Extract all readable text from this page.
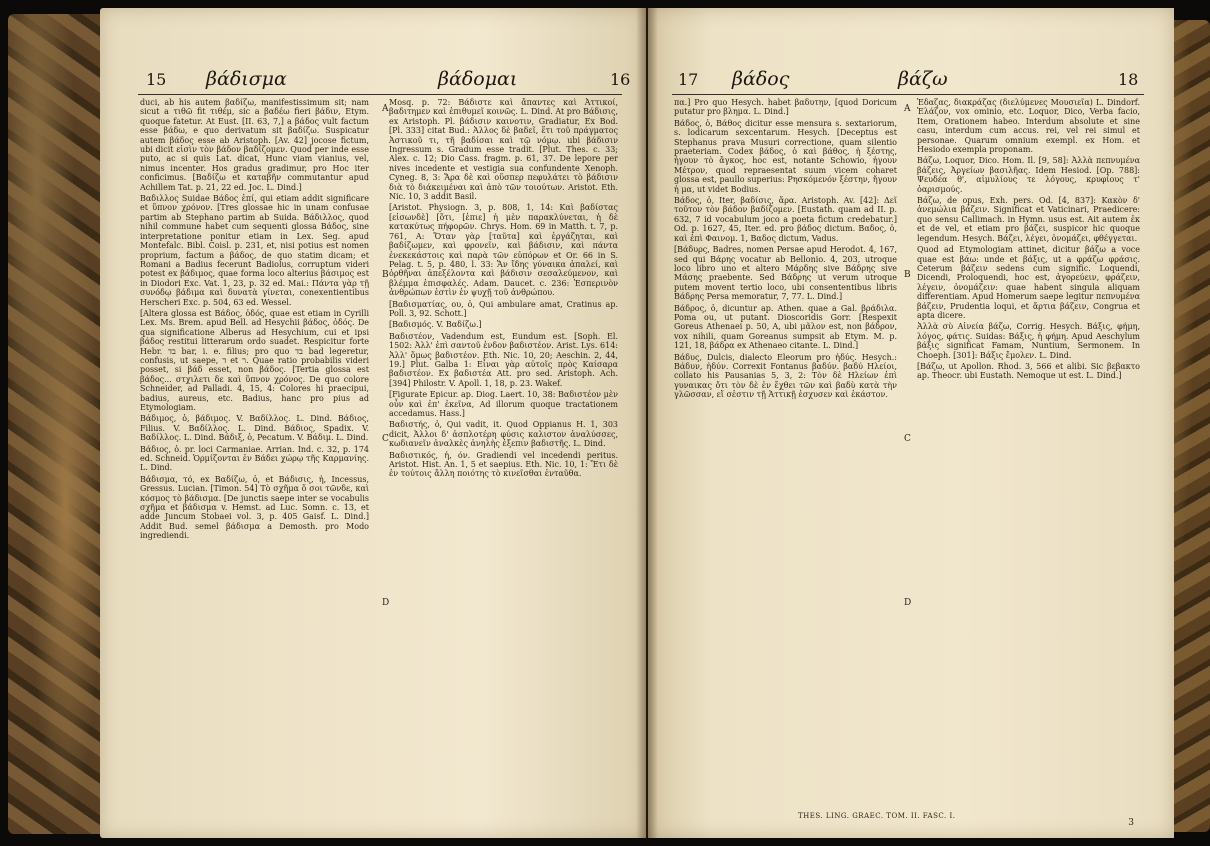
15 βάδισμα	βάδομαι	16

duci, ab his autem βαδίζω, manifestissimum sit; nam sicut a τιθῶ fit τιθέμ, sic a βαδέω fieri βάδιν, Etym. quoque fatetur. At Eust. [II. 63, 7,] a βάδος vult factum esse βάδω, e quo derivatum sit βαδίζω. Suspicatur autem βάδος esse ab Aristoph. [Av. 42] jocose fictum, ubi dicit εἰσὶν τὸν βάδον βαδίζομεν. Quod per inde esse puto, ac si quis Lat. dicat, Hunc viam vianius, vel, nimus incenter. Hos gradus gradimur, pro Hoc iter conficimus. [Βαδίζω et καταβῆν commutantur apud Achillem Tat. p. 21, 22 ed. Joc. L. Dind.]

Βαδιλλος Suidae Βάδος ἐπί, qui etiam addit significare et ὕπνον χρόνον. [Tres glossae hic in unam confusae partim ab Stephano partim ab Suida. Βάδιλλος, quod nihil commune habet cum sequenti glossa Βάδος, sine interpretatione ponitur etiam in Lex. Seg. apud Montefalc. Bibl. Coisl. p. 231, et, nisi potius est nomen proprium, factum a βάδος, de quo statim dicam; et Romani a Badius fecerunt Badiolus, corruptum videri potest ex βάδιμος, quae forma loco alterius βάσιμος est in Diodori Exc. Vat. 1, 23, p. 32 ed. Mai.: Πάντα γὰρ τῇ συνόδῳ βάδιμα καὶ δυνατὰ γίνεται, conexentientibus Herscheri Exc. p. 504, 63 ed. Wessel.

[Altera glossa est Βάδος, ὁδός, quae est etiam in Cyrilli Lex. Ms. Brem. apud Bell. ad Hesychii βάδος, ὁδός. De qua significatione Alberus ad Hesychium, cui et ipsi βάδος restitui litterarum ordo suadet. Respicitur forte Hebr. ‏בד‏ bar, i. e. filius; pro quo ‏בד‏ bad legeretur, confusis, ut saepe, ‏ד‏ et ‏ר‏. Quae ratio probabilis videri posset, si βάδ esset, non βάδος. [Tertia glossa est βάδος... στχιλετι δε καὶ ὕπνον χρόνος. De quo colore Schneider, ad Palladi. 4, 15, 4: Colores hi praecipui, badius, aureus, etc. Badius, hanc pro pius ad Etymologiam.

Βάδιμος, ὁ, βάδιμος. V. Βαδίλλος. L. Dind. Βάδιος, Filius. V. Βαδίλλος. L. Dind. Βάδιος, Spadix. V. Βαδίλλος. L. Dind. Βάδιξ, ὁ, Pecatum. V. Βάδιμ. L. Dind.

Βάδιος, ὁ. pr. loci Carmaniae. Arrian. Ind. c. 32, p. 174 ed. Schneid. Ὁρμίζονται ἐν Βάδει χώρῳ τῆς Καρμανίης. L. Dind.

Βάδισμα, τό, ex Βαδίζω, ὁ, et Βάδισις, ἡ, Incessus, Gressus. Lucian. [Timon. 54] Τὸ σχῆμα ὅ σοι τῶνδε, καὶ κόσμος τὸ βάδισμα. [De junctis saepe inter se vocabulis σχῆμα et βάδισμα v. Hemst. ad Luc. Somn. c. 13, et adde Juncum Stobaei vol. 3, p. 405 Gaisf. L. Dind.] Addit Bud. semel βάδισμα a Demosth. pro Modo ingrediendi.

Mosq. p. 72: Βάδιστε καὶ ἄπαντες καὶ Ἀττικοί, βαδιτημεν καὶ ἐπιθυμεῖ κοινῶς. L. Dind. At pro Βάδισις, ex Aristoph. Pl. βάδισιν καινοτιν, Gradiatur, Ex Bod. [Pl. 333] citat Bud.: Ἀλλος δὲ βαδεῖ, ἕτι τοῦ πράγματος Ἀστικοῦ τι, τῆ βαδίσαι καὶ τῷ νόμῳ. ubi βάδισιν Ingressum s. Gradum esse tradit. [Plut. Thes. c. 33; Alex. c. 12; Dio Cass. fragm. p. 61, 37. De lepore per nives incedente et vestigia sua confundente Xenoph. Cyneg. 8, 3: Ἄρα δὲ καὶ οὕσπερ πεφυλάτει τὸ βάδισιν διὰ τὸ διάκειμέναι καὶ ἀπὸ τῶν τοιούτων. Aristot. Eth. Nic. 10, 3 addit Basil.

[Aristot. Physiogn. 3, p. 808, 1, 14: Καὶ βαδίστας [εἰσωνδὲ] [ὅτι, [ἐπιε] ἠ μὲν παρακλύνεται, ἡ δὲ κατακύτως πήφορῶν. Chrys. Hom. 69 in Matth. t. 7, p. 761, A: Ὅταν γὰρ [ταῦτα] καὶ ἐργάζηται, καὶ βαδίζωμεν, καὶ φρονεῖν, καὶ βάδισιν, καὶ πάντα ἐνεκεκάστοις καὶ παρὰ τῶν εὐπόρων et Or. 66 in S. Pelag. t. 5, p. 480, l. 33: Ἄν ἴδης γύναικα ἁπαλεί, καὶ ὀρθῆναι ἀπεξέλοντα καὶ βάδισιν σεσαλεύμενον, καὶ βλέμμα ἐπισφαλές. Adam. Daucet. c. 236: Ἐσπερινὸν ἀνθρώπων ἐστὶν ἐν ψυχῇ τοῦ ἀνθρώπου.

[Βαδισματίας, ου, ὁ, Qui ambulare amat, Cratinus ap. Poll. 3, 92. Schott.]

[Βαδισμός. V. Βαδίζω.]

Βαδιστέον, Vadendum est, Eundum est. [Soph. El. 1502: Ἀλλ' ἐπὶ σαντοῦ ἐνδον βαδιστέον. Arist. Lys. 614: Ἀλλ' ὅμως βαδιστέον. Eth. Nic. 10, 20; Aeschin. 2, 44, 19.] Plut. Galba 1: Εἶναι γὰρ αὐτοῖς πρὸς Καίσαρα βαδιστέον. Ex βαδιστέα Att. pro sed. Aristoph. Ach. [394] Philostr. V. Apoll. 1, 18, p. 23. Wakef.

[Figurate Epicur. ap. Diog. Laert. 10, 38: Βαδιστέον μὲν οὖν καὶ ἐπ' ἐκεῖνα, Ad illorum quoque tractationem accedamus. Hass.]

Βαδιστής, ὁ, Qui vadit, it. Quod Oppianus H. 1, 303 dicit, Ἀλλοι δ' ἀσπλοτέρη φύσις καλιστον ἀναλύσσες, κωδιανεῖν ἀναλκὲς ἀνηλὴς ἐξεπιν βαδιστῆς. L. Dind.

Βαδιστικός, ἡ, όν. Gradiendi vel incedendi peritus. Aristot. Hist. An. 1, 5 et saepius. Eth. Nic. 10, 1: Ἔτι δὲ ἐν τούτοις ἄλλη ποιότης τὸ κινεῖσθαι ἐνταῦθα.

A
B
C
D
17 βάδος	βάζω	18

πα.] Pro quo Hesych. habet βαδυτην, [quod Doricum putatur pro βλημα. L. Dind.]

Βάδος, ὁ, Βάθος dicitur esse mensura s. sextariorum, s. lodicarum sexcentarum. Hesych. [Deceptus est Stephanus prava Musuri correctione, quam silentio praeteriam. Codex βάδος, ὁ καὶ βάθος, ἡ ξέστης, ἡγουν τὸ ἄγκος, hoc est, notante Schowio, ἡγουν Μέτρον, quod repraesentat suum vicem coharet glossa est, paullo superius: Ρησκόμενόν ξέστην, ἤγουν ἡ μα, ut videt Bodius.

Βάδος, ὁ, Iter, βαδίσις, ἄρα. Aristoph. Av. [42]: Δεῖ τοῦτον τὸν βάδον βαδίζομεν. [Eustath. quam ad II. p. 632, 7 id vocabulum joco a poeta fictum credebatur.] Od. p. 1627, 45, Iter. ed. pro βάδος dictum. Βαδος, ὁ, καὶ ἐπὶ Φαινομ. 1, Βαδος dictum, Vadus.

[Βάδυρς, Badres, nomen Persae apud Herodot. 4, 167, sed qui Βάρης vocatur ab Bellonio. 4, 203, utroque loco libro uno et altero Μάρδης sive Βάδρης sive Μάσης praebente. Sed Βάδρης ut verum utroque putem movent tertio loco, ubi consententibus libris Βάδρης Persa memoratur, 7, 77. L. Dind.]

Βάδρος, ὁ, dicuntur ap. Athen. quae a Gal. βράδιλα. Poma ou, ut putant. Dioscoridis Gorr. [Respexit Goreus Athenaei p. 50, A, ubi μᾶλον est, non βάδρον, vox nihili, quam Goreanus sumpsit ab Etym. M. p. 121, 18, βάδρα ex Athenaeo citante. L. Dind.]

Βάδυς, Dulcis, dialecto Eleorum pro ἡδύς. Hesych.: Βάδυν, ἡδύν. Correxit Fontanus βαδύν. βαδύ Ηλείοι, collato his Pausanias 5, 3, 2: Τὸν δὲ Ηλείων ἐπὶ γυναικας ὄτι τὸν δὲ ἐν ἔχθει τῶν καὶ βαδὺ κατὰ τὴν γλῶσσαν, εἴ σἐστιν τῇ Ἀττικῇ ἐσχυσεν καὶ ἑκάστον.

Ἐδαζας, διακράζας (διελύμενες Μουσιεῖα) L. Dindorf. Ἐλάζον, vox ominio, etc. Loquor, Dico, Verba facio, Item, Orationem habeo. Interdum absolute et sine casu, interdum cum accus. rei, vel rei simul et personae. Quarum omnium exempl. ex Hom. et Hesiodo exempla proponam.

Βάζω, Loquor, Dico. Hom. Il. [9, 58]: Ἀλλὰ πεπνυμένα βάζεις, Ἀργείων βασιλῆας. Idem Hesiod. [Op. 788]: Ψευδέα θ', αἱμυλίους τε λόγους, κρυφίους τ' ὀαρισμούς.

Βάζω, de opus, Exh. pers. Od. [4, 837]: Κακὸν δ' ἀνεμώλια βάζειν. Significat et Vaticinari, Praedicere: quo sensu Callimach. in Hymn. usus est. Ait autem ἐκ et de vel, et etiam pro βάζει, suspicor hic quoque legendum. Hesych. Βάζει, λέγει, ὀνομάζει, φθέγγεται.

Quod ad Etymologiam attinet, dicitur βάζω a voce quae est βάω: unde et βάξις, ut a φράζω φράσις. Ceterum βάζειν sedens cum signific. Loquendi, Dicendi, Proloquendi, hoc est, ἀγορεύειν, φράζειν, λέγειν, ὀνομάζειν: quae habent singula aliquam differentiam. Apud Homerum saepe legitur πεπνυμένα βάζειν, Prudentia loqui, et ἄρτια βάζειν, Congrua et apta dicere.

Ἀλλὰ σὺ Αἰνεία βάζω, Corrig. Hesych. Βάξις, φήμη, λόγος, φάτις. Suidas: Βάξις, ἡ φήμη. Apud Aeschylum βάξις significat Famam, Nuntium, Sermonem. In Choeph. [301]: Βάξις ἔμολεν. L. Dind.

[Βάζω, ut Apollon. Rhod. 3, 566 et alibi. Sic βεβακτο ap. Theocr. ubi Eustath. Nemoque ut est. L. Dind.]

A
B
C
D
THES. LING. GRAEC. TOM. II. FASC. I.
3
